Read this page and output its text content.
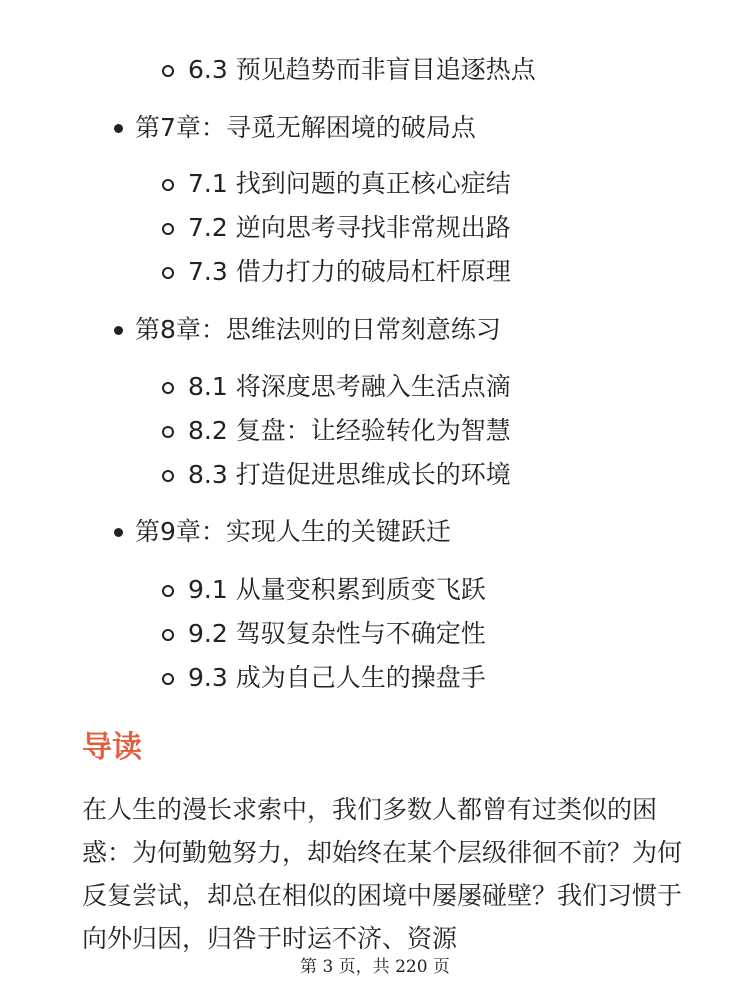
6.3 预见趋势而非盲目追逐热点
第7章：寻觅无解困境的破局点
7.1 找到问题的真正核心症结
7.2 逆向思考寻找非常规出路
7.3 借力打力的破局杠杆原理
第8章：思维法则的日常刻意练习
8.1 将深度思考融入生活点滴
8.2 复盘：让经验转化为智慧
8.3 打造促进思维成长的环境
第9章：实现人生的关键跃迁
9.1 从量变积累到质变飞跃
9.2 驾驭复杂性与不确定性
9.3 成为自己人生的操盘手
导读

在人生的漫长求索中，我们多数人都曾有过类似的困惑：为何勤勉努力，却始终在某个层级徘徊不前？为何反复尝试，却总在相似的困境中屡屡碰壁？我们习惯于向外归因，归咎于时运不济、资源

第 3 页，共 220 页
